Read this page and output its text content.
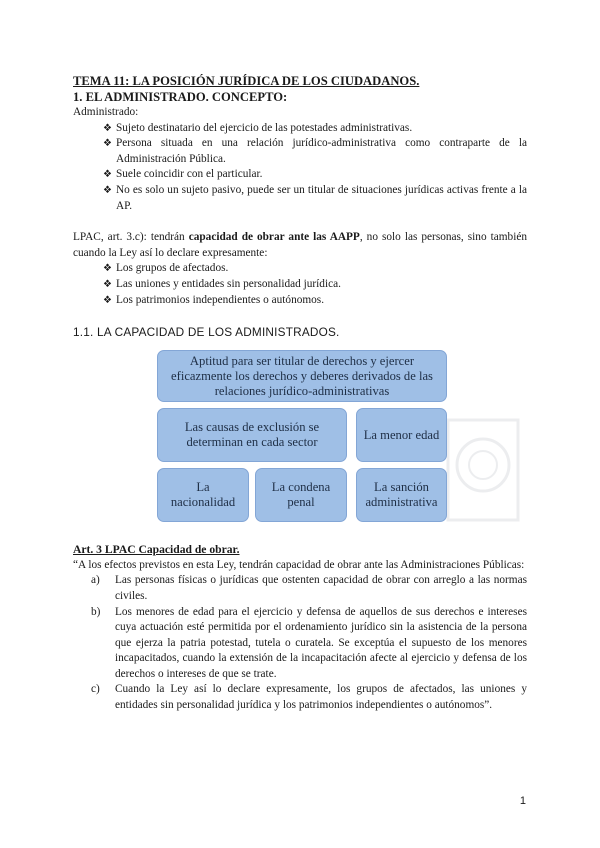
TEMA 11: LA POSICIÓN JURÍDICA DE LOS CIUDADANOS.
1. EL ADMINISTRADO. CONCEPTO:

Administrado:

❖ Sujeto destinatario del ejercicio de las potestades administrativas.
❖ Persona situada en una relación jurídico-administrativa como contraparte de la Administración Pública.
❖ Suele coincidir con el particular.
❖ No es solo un sujeto pasivo, puede ser un titular de situaciones jurídicas activas frente a la AP.

LPAC, art. 3.c): tendrán capacidad de obrar ante las AAPP, no solo las personas, sino también cuando la Ley así lo declare expresamente:

❖ Los grupos de afectados.
❖ Las uniones y entidades sin personalidad jurídica.
❖ Los patrimonios independientes o autónomos.
1.1. LA CAPACIDAD DE LOS ADMINISTRADOS.
Aptitud para ser titular de derechos y ejercer eficazmente los derechos y deberes derivados de las relaciones jurídico-administrativas
Las causas de exclusión se determinan en cada sector
La menor edad
La nacionalidad
La condena penal
La sanción administrativa

Art. 3 LPAC Capacidad de obrar.

“A los efectos previstos en esta Ley, tendrán capacidad de obrar ante las Administraciones Públicas:

a) Las personas físicas o jurídicas que ostenten capacidad de obrar con arreglo a las normas civiles.
b) Los menores de edad para el ejercicio y defensa de aquellos de sus derechos e intereses cuya actuación esté permitida por el ordenamiento jurídico sin la asistencia de la persona que ejerza la patria potestad, tutela o curatela. Se exceptúa el supuesto de los menores incapacitados, cuando la extensión de la incapacitación afecte al ejercicio y defensa de los derechos o intereses de que se trate.
c) Cuando la Ley así lo declare expresamente, los grupos de afectados, las uniones y entidades sin personalidad jurídica y los patrimonios independientes o autónomos”.
1
